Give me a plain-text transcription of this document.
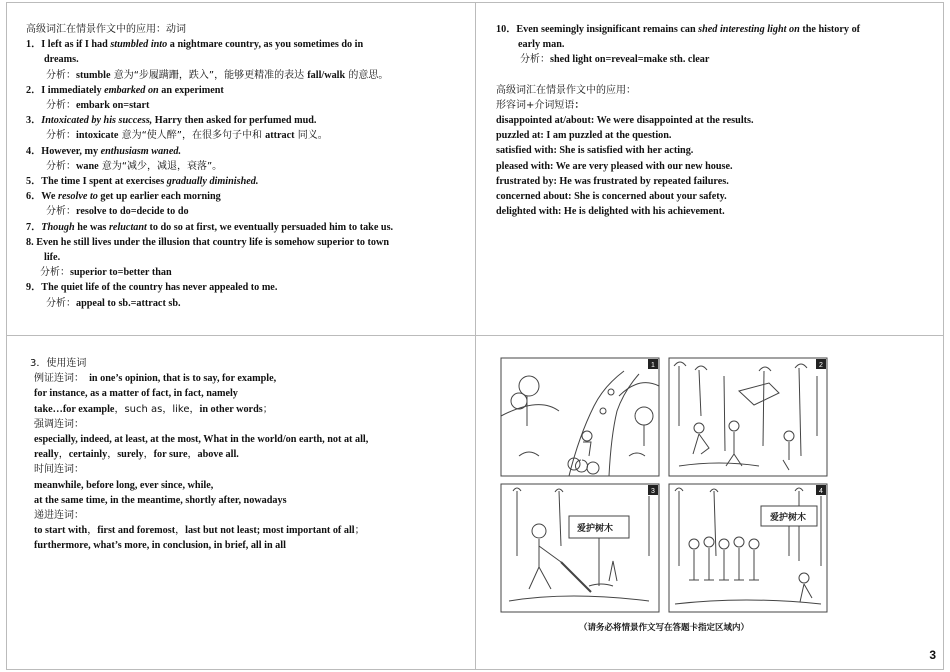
高级词汇在情景作文中的应用：动词
1．I left as if I had stumbled into a nightmare country, as you sometimes do in
dreams.
分析：stumble 意为“步履蹒跚，跌入”，能够更精准的表达 fall/walk 的意思。
2．I immediately embarked on an experiment
分析：embark on=start
3．Intoxicated by his success, Harry then asked for perfumed mud.
分析：intoxicate 意为“使人醉”，在很多句子中和 attract 同义。
4．However, my enthusiasm waned.
分析：wane 意为“减少，减退，衰落”。
5．The time I spent at exercises gradually diminished.
6．We resolve to get up earlier each morning
分析：resolve to do=decide to do
7．Though he was reluctant to do so at first, we eventually persuaded him to take us.
8. Even he still lives under the illusion that country life is somehow superior to town
life.
分析：superior to=better than
9．The quiet life of the country has never appealed to me.
分析：appeal to sb.=attract sb.
10．Even seemingly insignificant remains can shed interesting light on the history of
early man.
分析：shed light on=reveal=make sth. clear
高级词汇在情景作文中的应用：
形容词+介词短语：
disappointed at/about: We were disappointed at the results.
puzzled at: I am puzzled at the question.
satisfied with: She is satisfied with her acting.
pleased with: We are very pleased with our new house.
frustrated by: He was frustrated by repeated failures.
concerned about: She is concerned about your safety.
delighted with: He is delighted with his achievement.
3．使用连词
例证连词： in one’s opinion, that is to say, for example,
for instance, as a matter of fact, in fact, namely
take…for example，such as，like，in other words；
强调连词：
especially, indeed, at least, at the most, What in the world/on earth, not at all,
really，certainly，surely，for sure，above all.
时间连词：
meanwhile, before long, ever since, while,
at the same time, in the meantime, shortly after, nowadays
递进连词：
to start with，first and foremost，last but not least; most important of all；
furthermore, what’s more, in conclusion, in brief, all in all
1	2
3	4
爱护树木
爱护树木
（请务必将情景作文写在答题卡指定区域内）
3
